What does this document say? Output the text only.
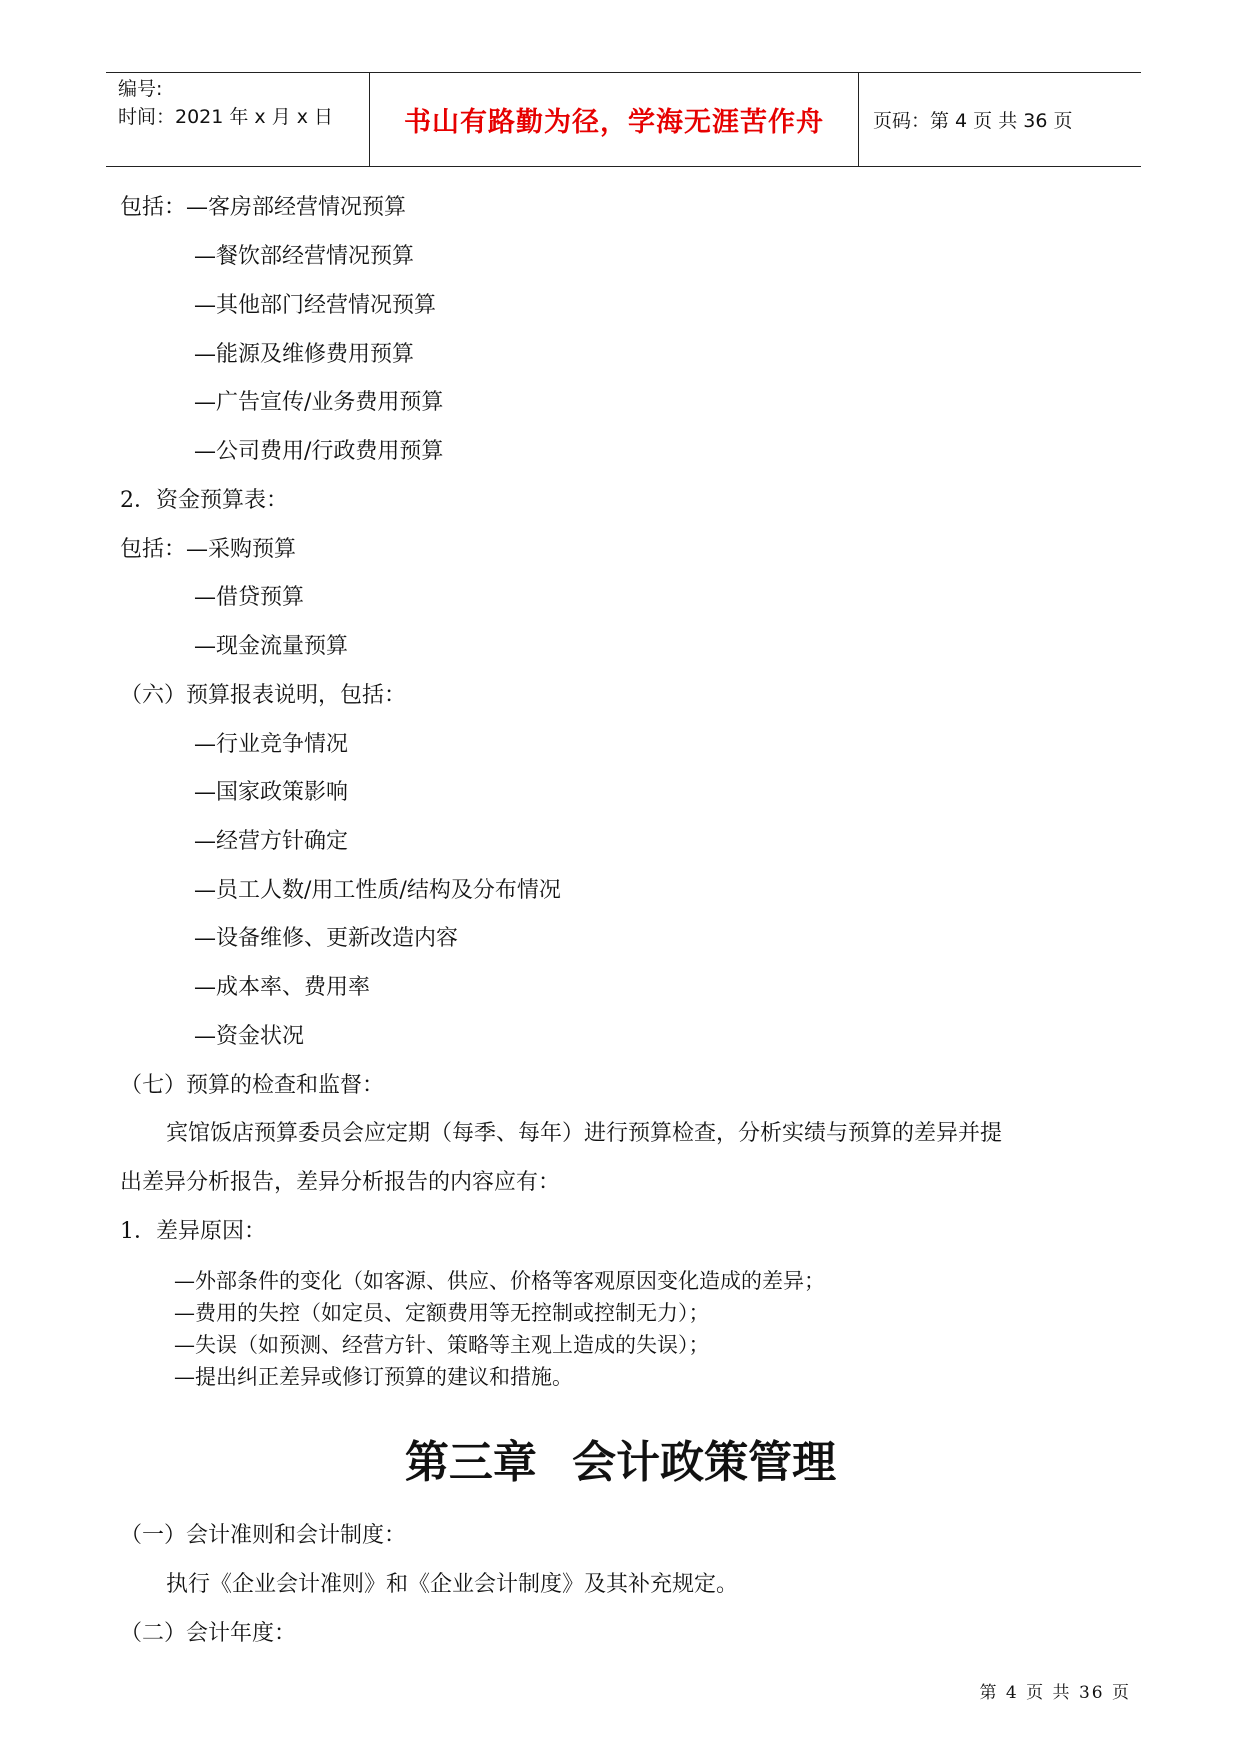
编号:
时间：2021 年 x 月 x 日	书山有路勤为径，学海无涯苦作舟	页码：第 4 页 共 36 页
包括：—客房部经营情况预算
—餐饮部经营情况预算
—其他部门经营情况预算
—能源及维修费用预算
—广告宣传/业务费用预算
—公司费用/行政费用预算
2．资金预算表：
包括：—采购预算
—借贷预算
—现金流量预算
（六）预算报表说明，包括：
—行业竞争情况
—国家政策影响
—经营方针确定
—员工人数/用工性质/结构及分布情况
—设备维修、更新改造内容
—成本率、费用率
—资金状况
（七）预算的检查和监督：
宾馆饭店预算委员会应定期（每季、每年）进行预算检查，分析实绩与预算的差异并提
出差异分析报告，差异分析报告的内容应有：
1．差异原因：
—外部条件的变化（如客源、供应、价格等客观原因变化造成的差异；
—费用的失控（如定员、定额费用等无控制或控制无力）；
—失误（如预测、经营方针、策略等主观上造成的失误）；
—提出纠正差异或修订预算的建议和措施。
第三章 会计政策管理
（一）会计准则和会计制度：
执行《企业会计准则》和《企业会计制度》及其补充规定。
（二）会计年度：
第 4 页 共 36 页
